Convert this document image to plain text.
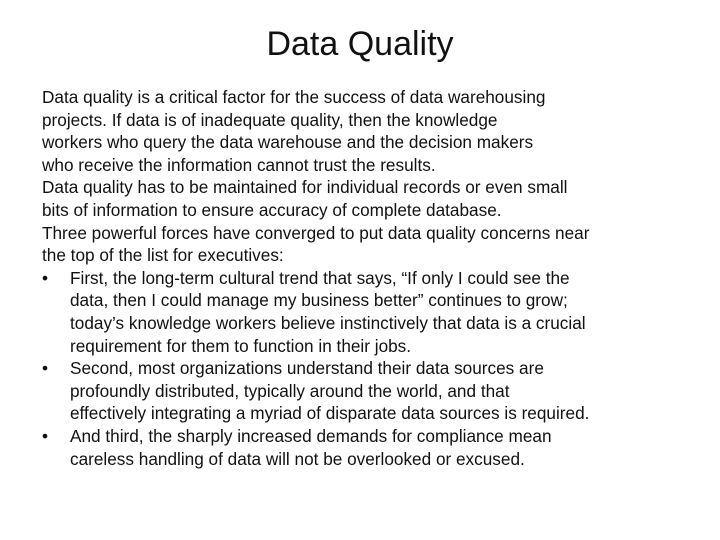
Data Quality

Data quality is a critical factor for the success of data warehousing
projects. If data is of inadequate quality, then the knowledge
workers who query the data warehouse and the decision makers
who receive the information cannot trust the results.

Data quality has to be maintained for individual records or even small
bits of information to ensure accuracy of complete database.

Three powerful forces have converged to put data quality concerns near
the top of the list for executives:

•	First, the long-term cultural trend that says, “If only I could see the
data, then I could manage my business better” continues to grow;
today’s knowledge workers believe instinctively that data is a crucial
requirement for them to function in their jobs.

•	Second, most organizations understand their data sources are
profoundly distributed, typically around the world, and that
effectively integrating a myriad of disparate data sources is required.

•	And third, the sharply increased demands for compliance mean
careless handling of data will not be overlooked or excused.
